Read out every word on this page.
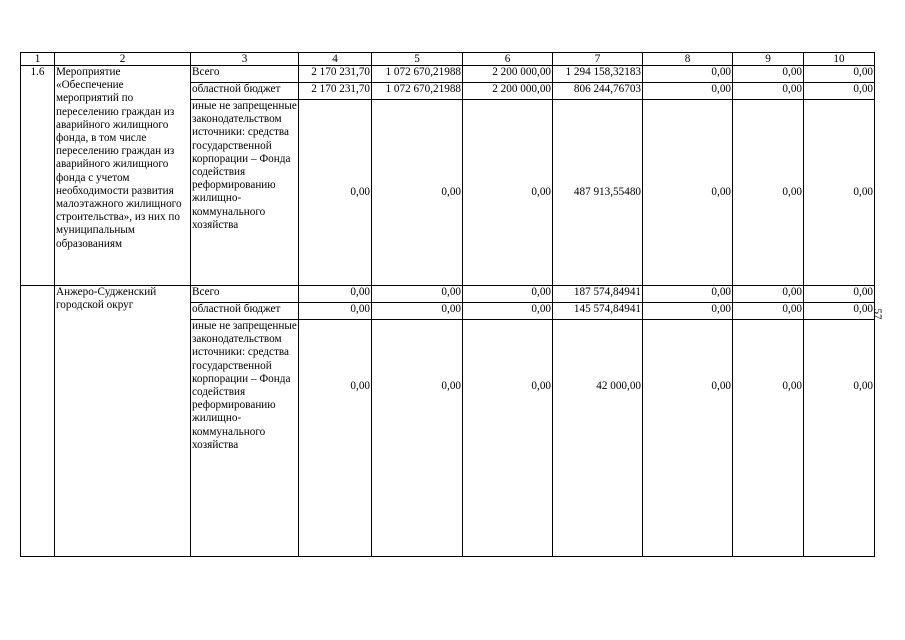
1	2	3	4	5	6	7	8	9	10
1.6	Мероприятие «Обеспечение мероприятий по переселению граждан из аварийного жилищного фонда, в том числе переселению граждан из аварийного жилищного фонда с учетом необходимости развития малоэтажного жилищного строительства», из них по муниципальным образованиям	Всего	2 170 231,70	1 072 670,21988	2 200 000,00	1 294 158,32183	0,00	0,00	0,00
		областной бюджет	2 170 231,70	1 072 670,21988	2 200 000,00	806 244,76703	0,00	0,00	0,00
		иные не запрещенные законодательством источники: средства государственной корпорации – Фонда содействия реформированию жилищно-коммунального хозяйства	0,00	0,00	0,00	487 913,55480	0,00	0,00	0,00
	Анжеро-Судженский городской округ	Всего	0,00	0,00	0,00	187 574,84941	0,00	0,00	0,00
		областной бюджет	0,00	0,00	0,00	145 574,84941	0,00	0,00	0,00
		иные не запрещенные законодательством источники: средства государственной корпорации – Фонда содействия реформированию жилищно-коммунального хозяйства	0,00	0,00	0,00	42 000,00	0,00	0,00	0,00
57
